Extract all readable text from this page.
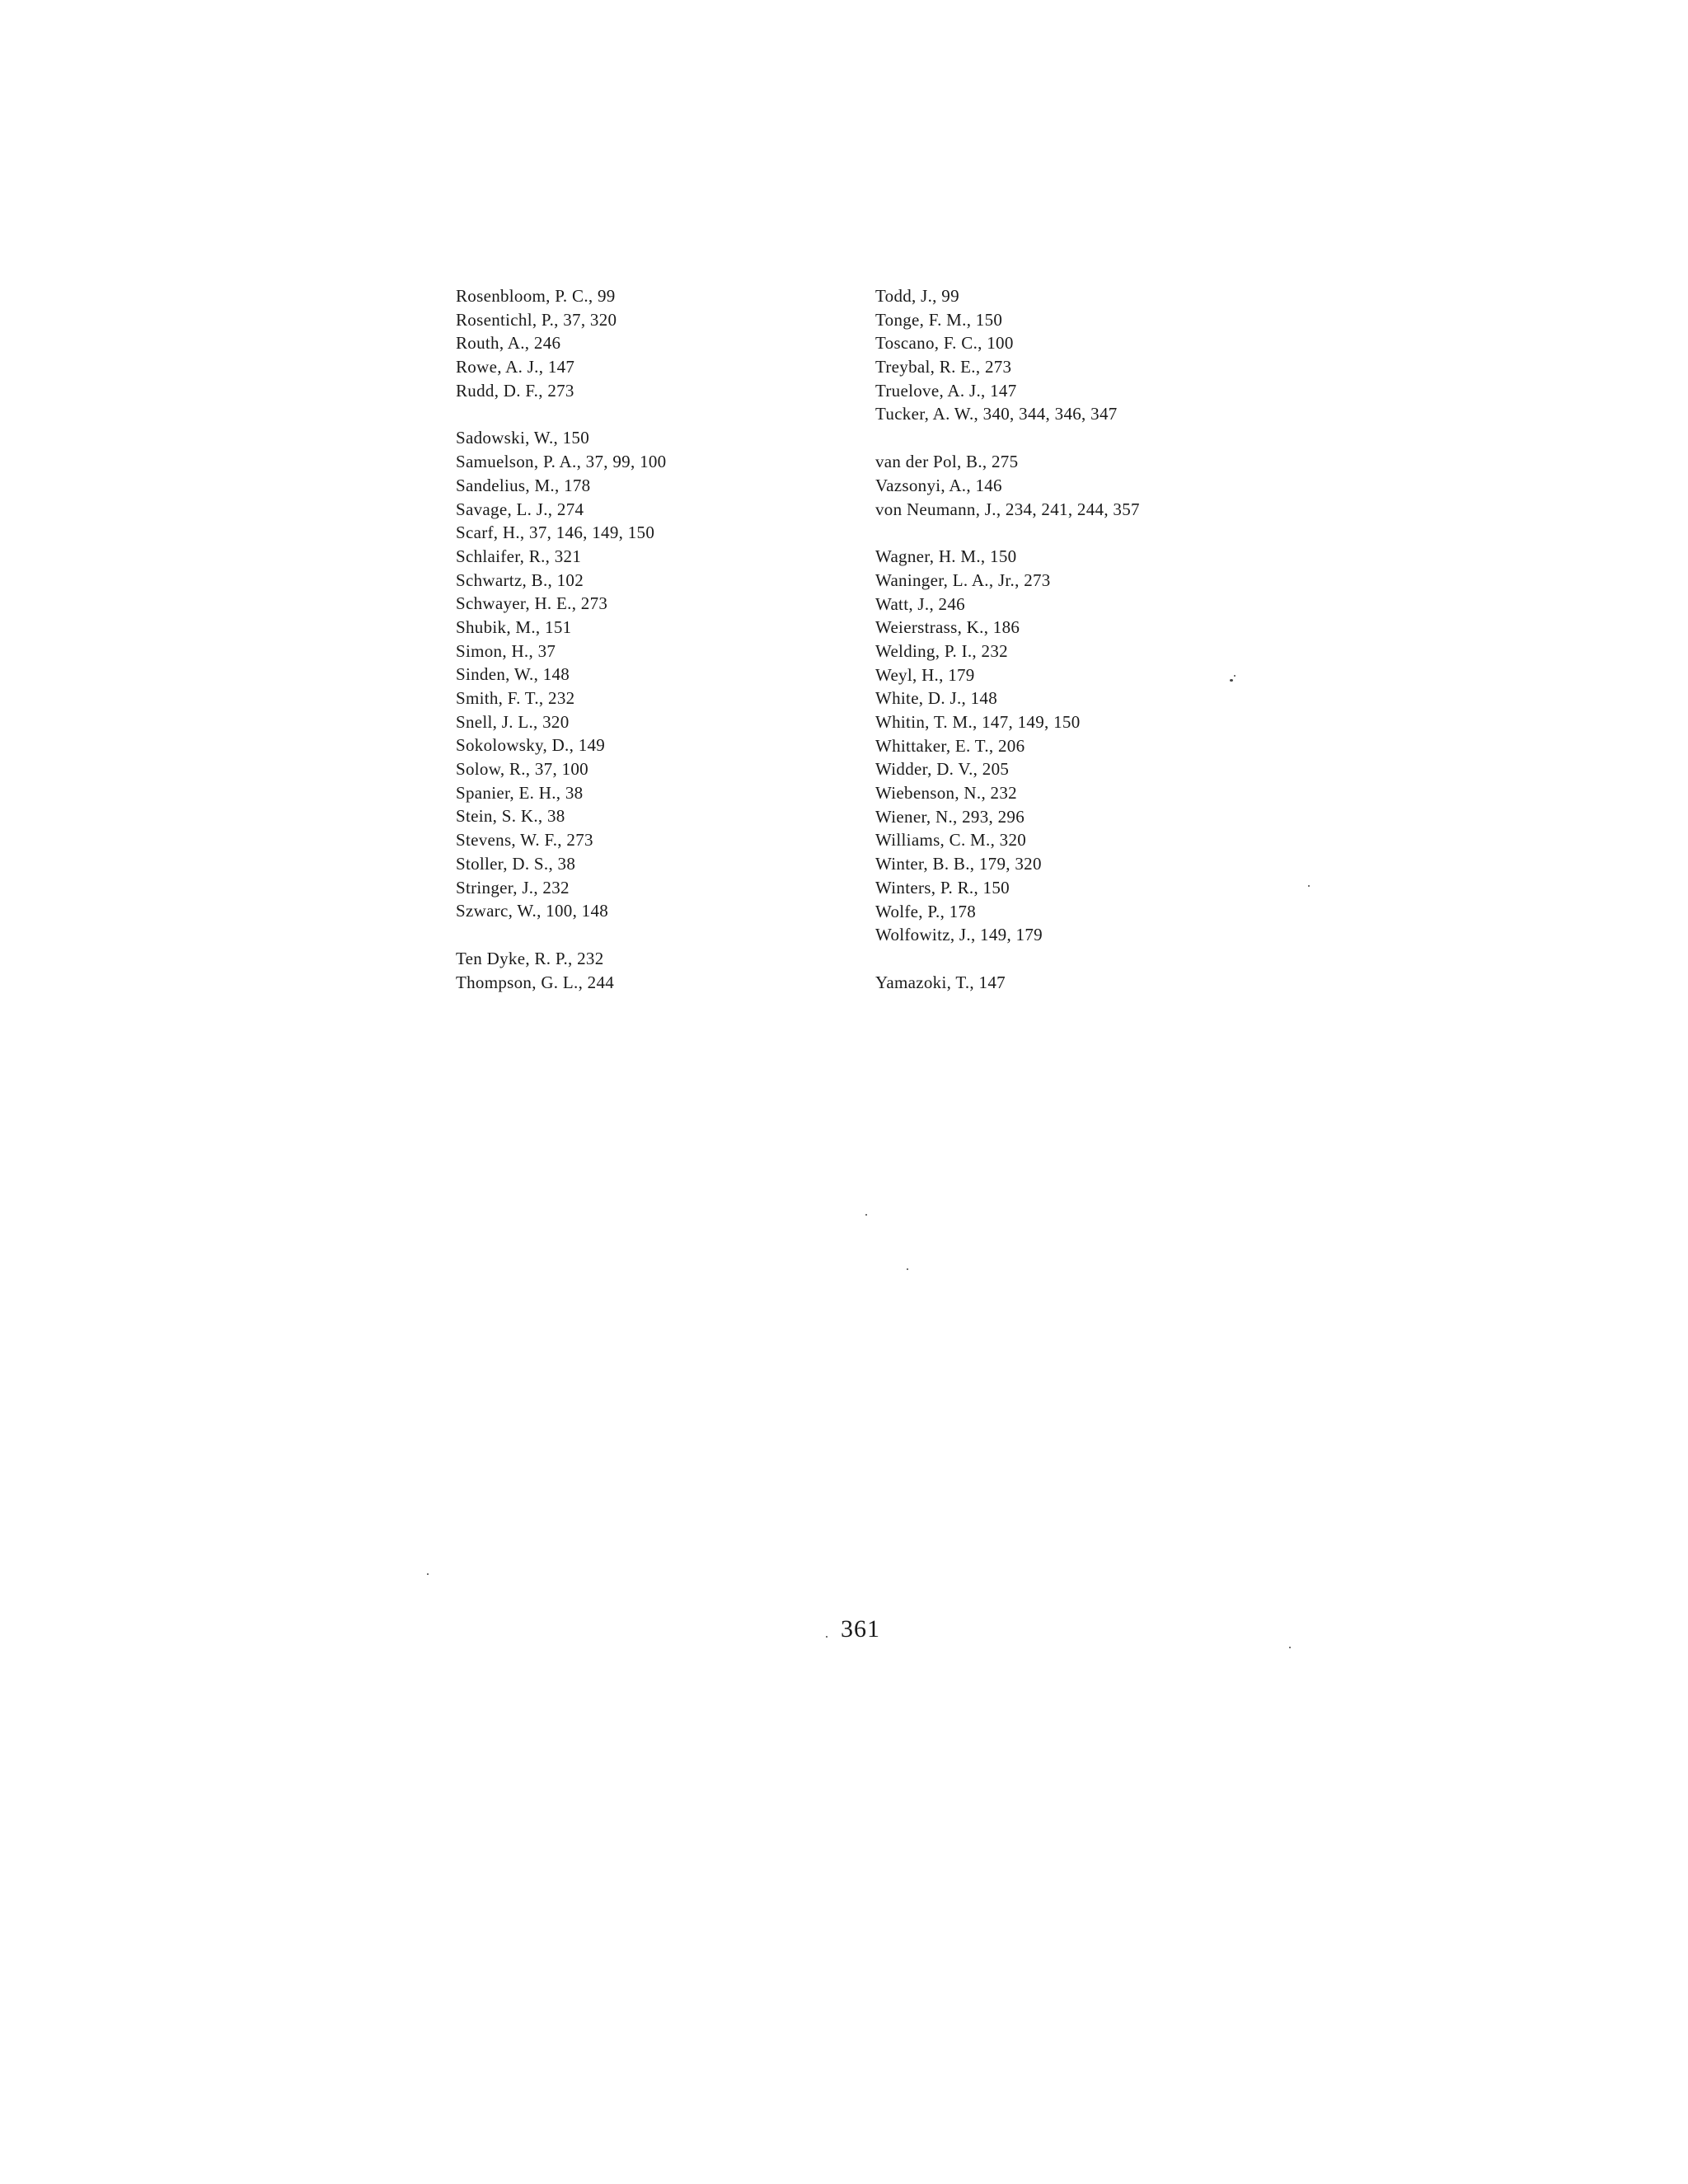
Rosenbloom, P. C., 99
Rosentichl, P., 37, 320
Routh, A., 246
Rowe, A. J., 147
Rudd, D. F., 273
Sadowski, W., 150
Samuelson, P. A., 37, 99, 100
Sandelius, M., 178
Savage, L. J., 274
Scarf, H., 37, 146, 149, 150
Schlaifer, R., 321
Schwartz, B., 102
Schwayer, H. E., 273
Shubik, M., 151
Simon, H., 37
Sinden, W., 148
Smith, F. T., 232
Snell, J. L., 320
Sokolowsky, D., 149
Solow, R., 37, 100
Spanier, E. H., 38
Stein, S. K., 38
Stevens, W. F., 273
Stoller, D. S., 38
Stringer, J., 232
Szwarc, W., 100, 148
Ten Dyke, R. P., 232
Thompson, G. L., 244
Todd, J., 99
Tonge, F. M., 150
Toscano, F. C., 100
Treybal, R. E., 273
Truelove, A. J., 147
Tucker, A. W., 340, 344, 346, 347
van der Pol, B., 275
Vazsonyi, A., 146
von Neumann, J., 234, 241, 244, 357
Wagner, H. M., 150
Waninger, L. A., Jr., 273
Watt, J., 246
Weierstrass, K., 186
Welding, P. I., 232
Weyl, H., 179
White, D. J., 148
Whitin, T. M., 147, 149, 150
Whittaker, E. T., 206
Widder, D. V., 205
Wiebenson, N., 232
Wiener, N., 293, 296
Williams, C. M., 320
Winter, B. B., 179, 320
Winters, P. R., 150
Wolfe, P., 178
Wolfowitz, J., 149, 179
Yamazoki, T., 147
361
